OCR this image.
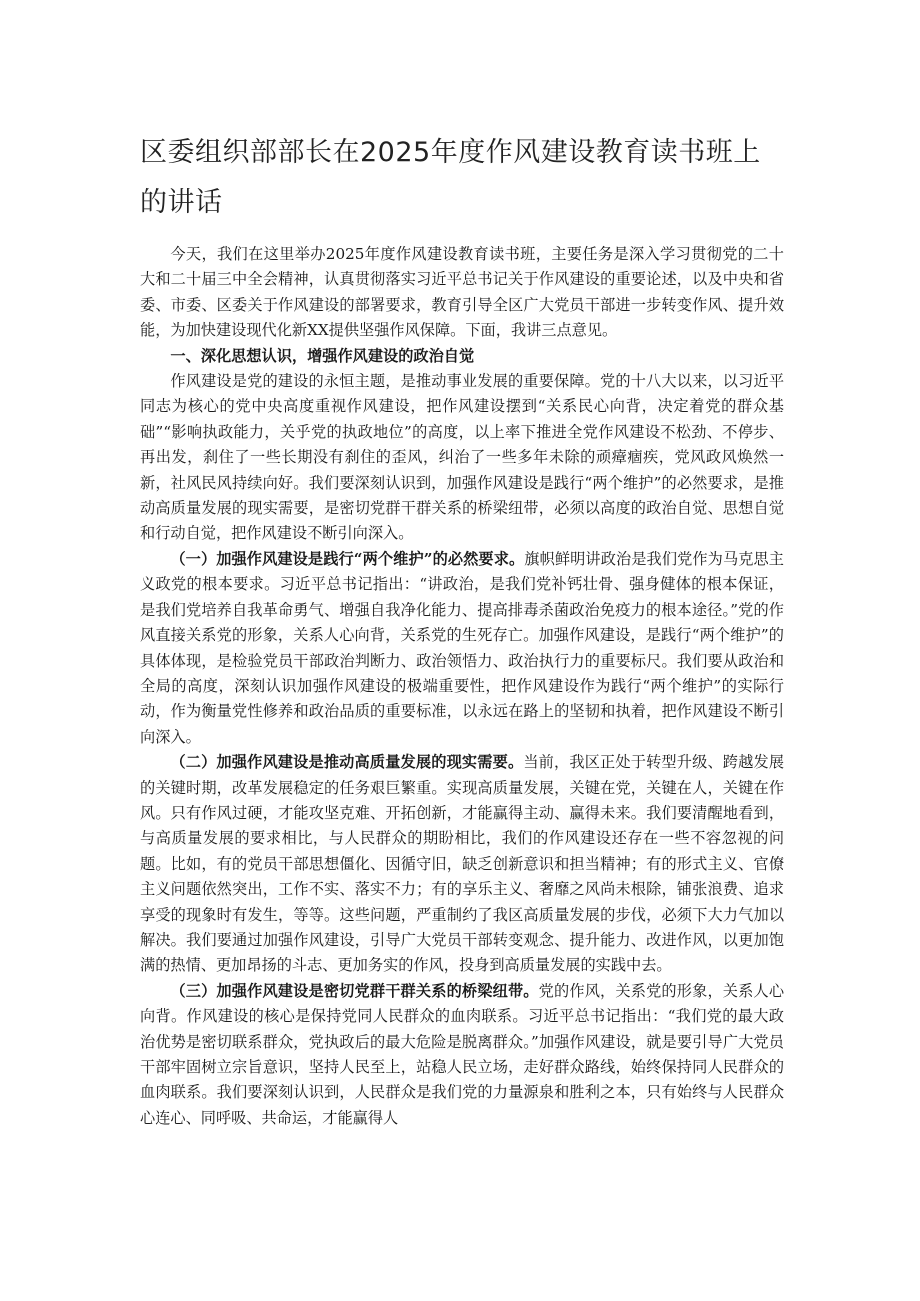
区委组织部部长在2025年度作风建设教育读书班上的讲话

今天，我们在这里举办2025年度作风建设教育读书班，主要任务是深入学习贯彻党的二十大和二十届三中全会精神，认真贯彻落实习近平总书记关于作风建设的重要论述，以及中央和省委、市委、区委关于作风建设的部署要求，教育引导全区广大党员干部进一步转变作风、提升效能，为加快建设现代化新XX提供坚强作风保障。下面，我讲三点意见。

一、深化思想认识，增强作风建设的政治自觉

作风建设是党的建设的永恒主题，是推动事业发展的重要保障。党的十八大以来，以习近平同志为核心的党中央高度重视作风建设，把作风建设摆到“关系民心向背，决定着党的群众基础”“影响执政能力，关乎党的执政地位”的高度，以上率下推进全党作风建设不松劲、不停步、再出发，刹住了一些长期没有刹住的歪风，纠治了一些多年未除的顽瘴痼疾，党风政风焕然一新，社风民风持续向好。我们要深刻认识到，加强作风建设是践行“两个维护”的必然要求，是推动高质量发展的现实需要，是密切党群干群关系的桥梁纽带，必须以高度的政治自觉、思想自觉和行动自觉，把作风建设不断引向深入。

（一）加强作风建设是践行“两个维护”的必然要求。旗帜鲜明讲政治是我们党作为马克思主义政党的根本要求。习近平总书记指出：“讲政治，是我们党补钙壮骨、强身健体的根本保证，是我们党培养自我革命勇气、增强自我净化能力、提高排毒杀菌政治免疫力的根本途径。”党的作风直接关系党的形象，关系人心向背，关系党的生死存亡。加强作风建设，是践行“两个维护”的具体体现，是检验党员干部政治判断力、政治领悟力、政治执行力的重要标尺。我们要从政治和全局的高度，深刻认识加强作风建设的极端重要性，把作风建设作为践行“两个维护”的实际行动，作为衡量党性修养和政治品质的重要标准，以永远在路上的坚韧和执着，把作风建设不断引向深入。

（二）加强作风建设是推动高质量发展的现实需要。当前，我区正处于转型升级、跨越发展的关键时期，改革发展稳定的任务艰巨繁重。实现高质量发展，关键在党，关键在人，关键在作风。只有作风过硬，才能攻坚克难、开拓创新，才能赢得主动、赢得未来。我们要清醒地看到，与高质量发展的要求相比，与人民群众的期盼相比，我们的作风建设还存在一些不容忽视的问题。比如，有的党员干部思想僵化、因循守旧，缺乏创新意识和担当精神；有的形式主义、官僚主义问题依然突出，工作不实、落实不力；有的享乐主义、奢靡之风尚未根除，铺张浪费、追求享受的现象时有发生，等等。这些问题，严重制约了我区高质量发展的步伐，必须下大力气加以解决。我们要通过加强作风建设，引导广大党员干部转变观念、提升能力、改进作风，以更加饱满的热情、更加昂扬的斗志、更加务实的作风，投身到高质量发展的实践中去。

（三）加强作风建设是密切党群干群关系的桥梁纽带。党的作风，关系党的形象，关系人心向背。作风建设的核心是保持党同人民群众的血肉联系。习近平总书记指出：“我们党的最大政治优势是密切联系群众，党执政后的最大危险是脱离群众。”加强作风建设，就是要引导广大党员干部牢固树立宗旨意识，坚持人民至上，站稳人民立场，走好群众路线，始终保持同人民群众的血肉联系。我们要深刻认识到，人民群众是我们党的力量源泉和胜利之本，只有始终与人民群众心连心、同呼吸、共命运，才能赢得人
